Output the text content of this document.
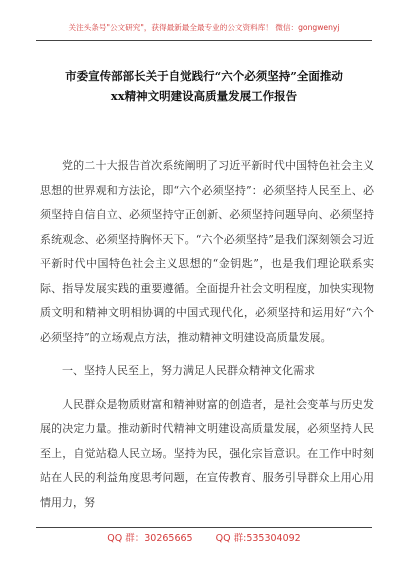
关注头条号"公文研究"，获得最新最全最专业的公文资料库！ 微信：gongwenyj
市委宣传部部长关于自觉践行“六个必须坚持”全面推动
xx精神文明建设高质量发展工作报告

党的二十大报告首次系统阐明了习近平新时代中国特色社会主义思想的世界观和方法论，即“六个必须坚持”：必须坚持人民至上、必须坚持自信自立、必须坚持守正创新、必须坚持问题导向、必须坚持系统观念、必须坚持胸怀天下。“六个必须坚持”是我们深刻领会习近平新时代中国特色社会主义思想的“金钥匙”，也是我们理论联系实际、指导发展实践的重要遵循。全面提升社会文明程度，加快实现物质文明和精神文明相协调的中国式现代化，必须坚持和运用好“六个必须坚持”的立场观点方法，推动精神文明建设高质量发展。

一、坚持人民至上，努力满足人民群众精神文化需求

人民群众是物质财富和精神财富的创造者，是社会变革与历史发展的决定力量。推动新时代精神文明建设高质量发展，必须坚持人民至上，自觉站稳人民立场。坚持为民，强化宗旨意识。在工作中时刻站在人民的利益角度思考问题，在宣传教育、服务引导群众上用心用情用力，努

QQ 群：30265665 QQ 群:535304092
